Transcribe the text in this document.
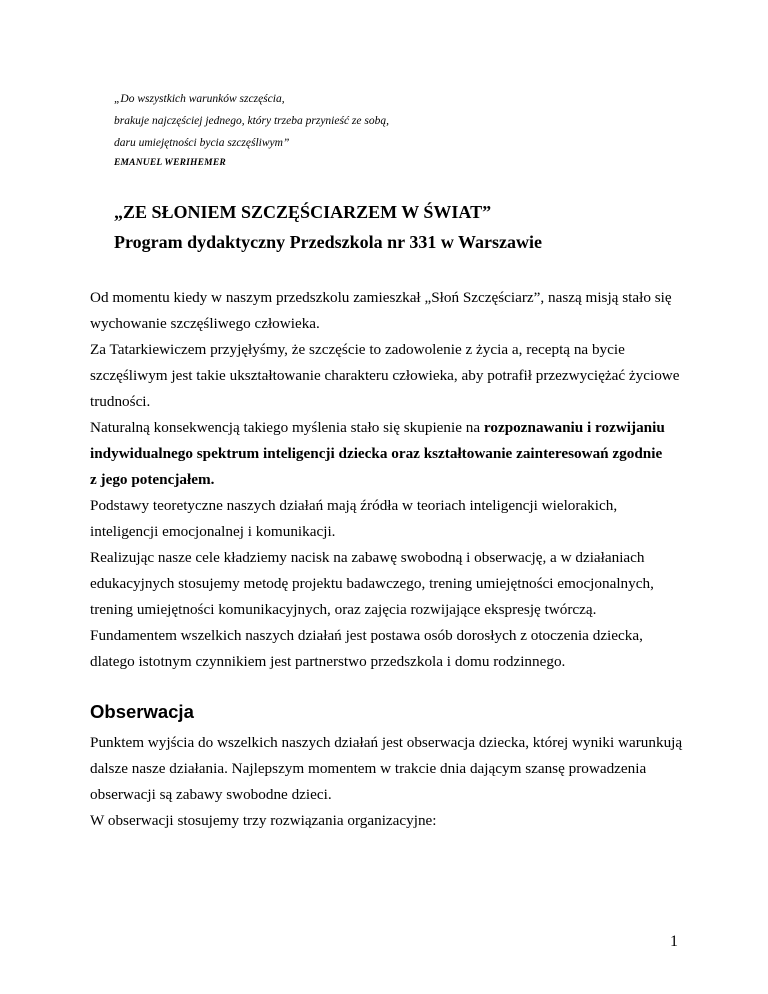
„Do wszystkich warunków szczęścia,
brakuje najczęściej jednego, który trzeba przynieść ze sobą,
daru umiejętności bycia szczęśliwym”
EMANUEL WERIHEMER
„ZE SŁONIEM SZCZĘŚCIARZEM W ŚWIAT”
Program dydaktyczny Przedszkola nr 331 w Warszawie

Od momentu kiedy w naszym przedszkolu zamieszkał „Słoń Szczęściarz”, naszą misją stało się

wychowanie szczęśliwego człowieka.

Za Tatarkiewiczem przyjęłyśmy, że szczęście to zadowolenie z życia a, receptą na bycie

szczęśliwym jest takie ukształtowanie charakteru człowieka, aby potrafił przezwyciężać życiowe

trudności.

Naturalną konsekwencją takiego myślenia stało się skupienie na rozpoznawaniu i rozwijaniu

indywidualnego spektrum inteligencji dziecka oraz kształtowanie zainteresowań zgodnie

z jego potencjałem.

Podstawy teoretyczne naszych działań mają źródła w teoriach inteligencji wielorakich,

inteligencji emocjonalnej i komunikacji.

Realizując nasze cele kładziemy nacisk na zabawę swobodną i obserwację, a w działaniach

edukacyjnych stosujemy metodę projektu badawczego, trening umiejętności emocjonalnych,

trening umiejętności komunikacyjnych, oraz zajęcia rozwijające ekspresję twórczą.

Fundamentem wszelkich naszych działań jest postawa osób dorosłych z otoczenia dziecka,

dlatego istotnym czynnikiem jest partnerstwo przedszkola i domu rodzinnego.

Obserwacja

Punktem wyjścia do wszelkich naszych działań jest obserwacja dziecka, której wyniki warunkują

dalsze nasze działania. Najlepszym momentem w trakcie dnia dającym szansę prowadzenia

obserwacji są zabawy swobodne dzieci.

W obserwacji stosujemy trzy rozwiązania organizacyjne:

1
